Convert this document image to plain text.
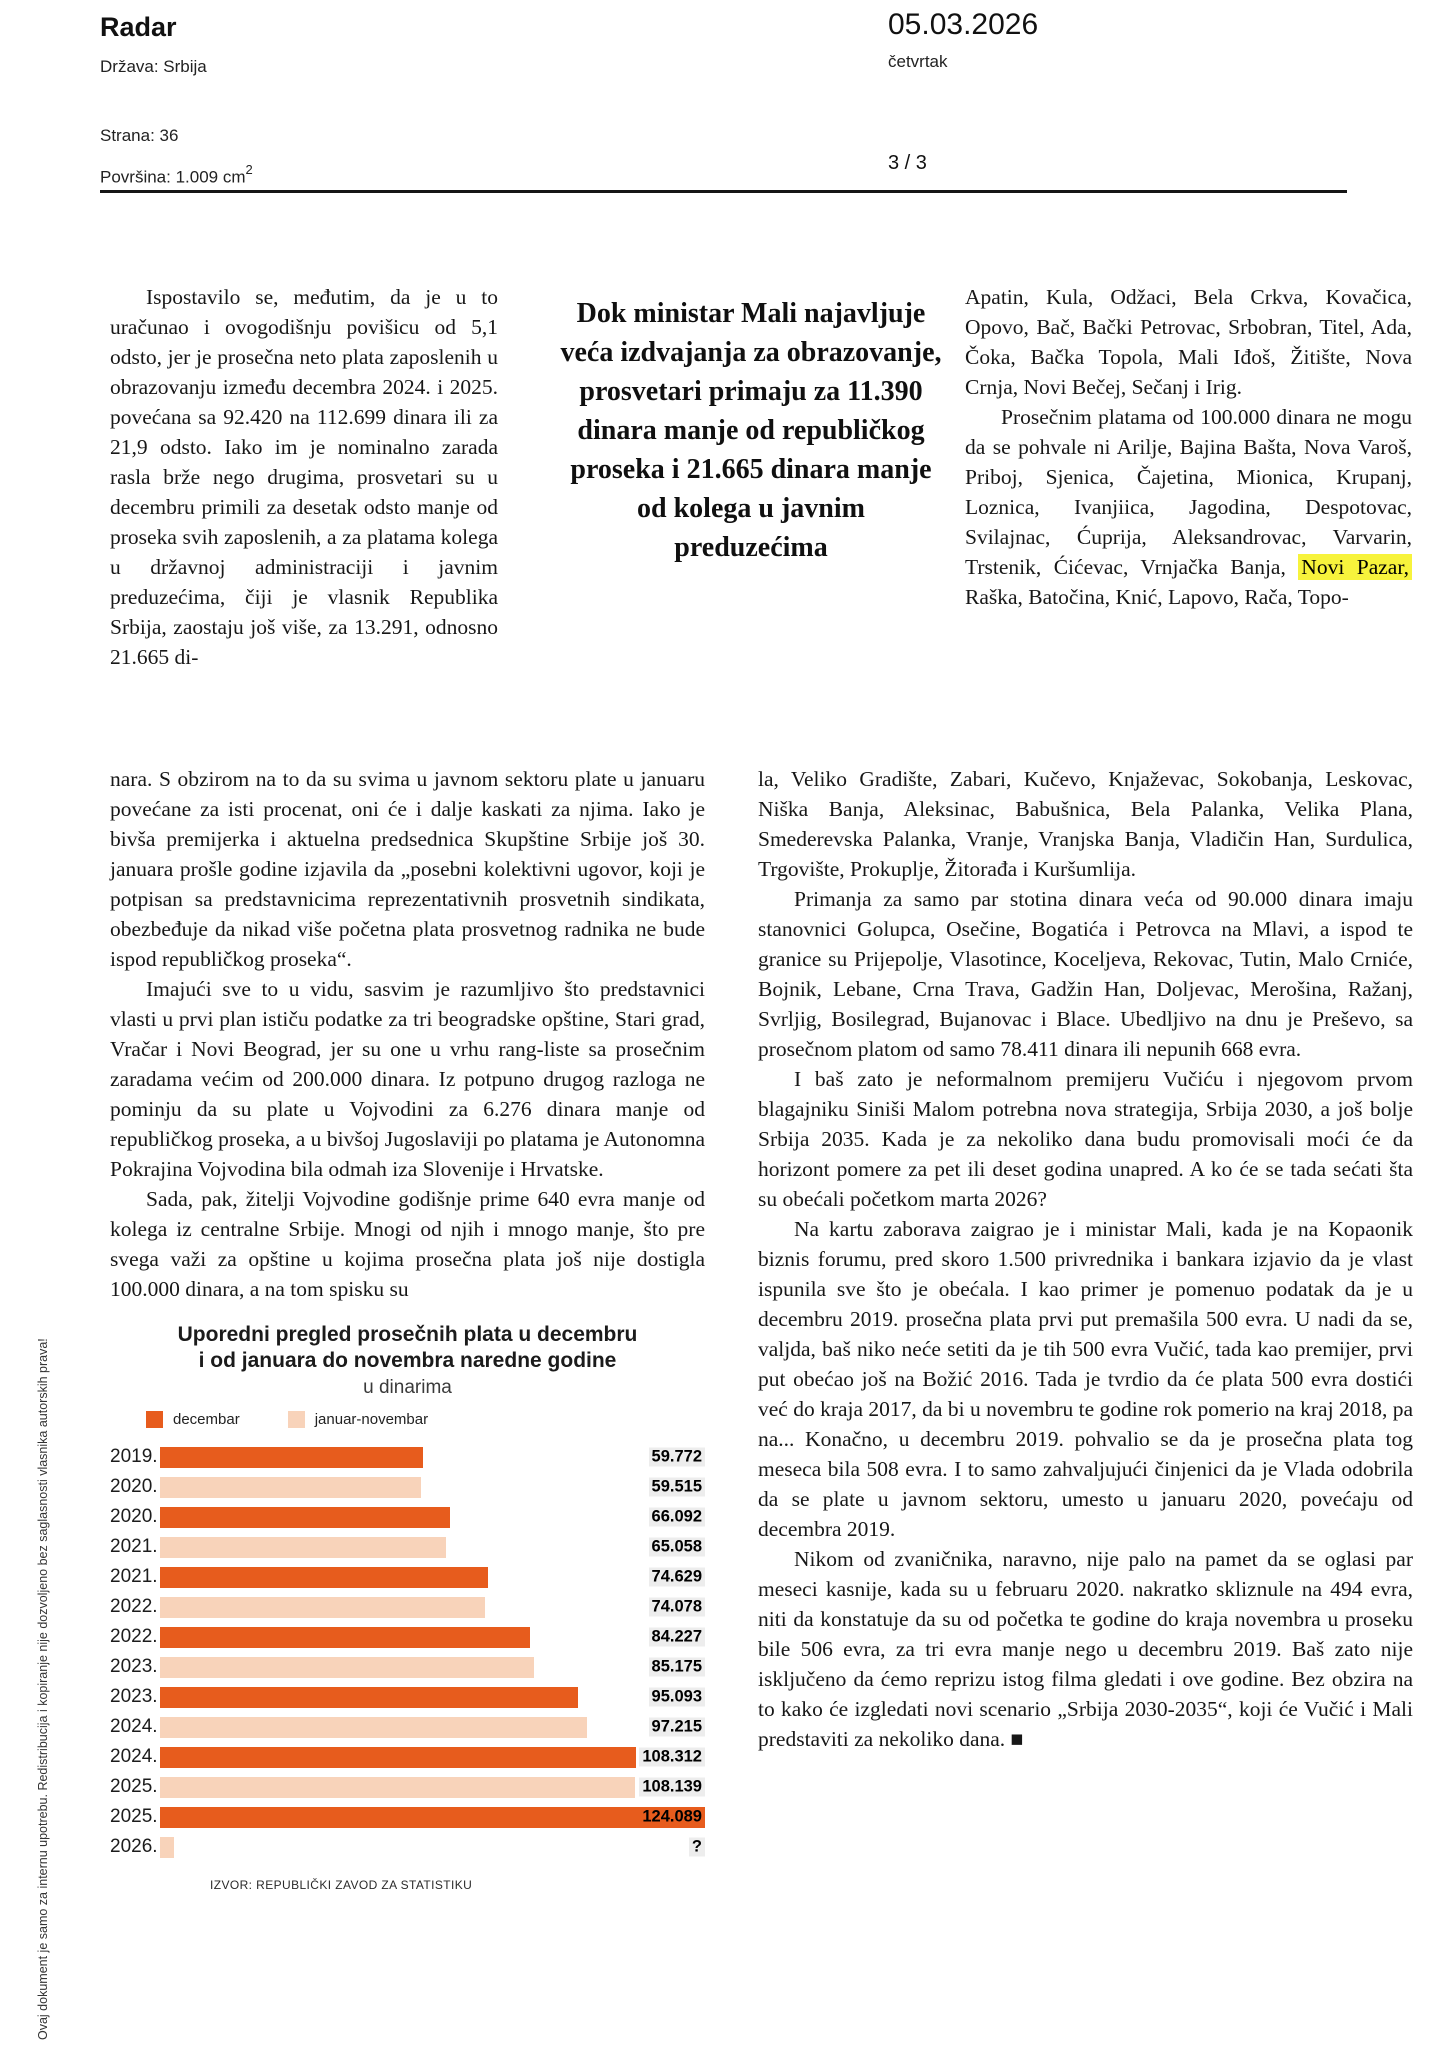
Radar
Država: Srbija
05.03.2026
četvrtak
Strana: 36
Površina: 1.009 $cm^2$	3 / 3

Ispostavilo se, međutim, da je u to uračunao i ovogodišnju povišicu od 5,1 odsto, jer je prosečna neto plata zaposlenih u obrazovanju između decembra 2024. i 2025. povećana sa 92.420 na 112.699 dinara ili za 21,9 odsto. Iako im je nominalno zarada rasla brže nego drugima, prosvetari su u decembru primili za desetak odsto manje od proseka svih zaposlenih, a za platama kolega u državnoj administraciji i javnim preduzećima, čiji je vlasnik Republika Srbija, zaostaju još više, za 13.291, odnosno 21.665 di-

Dok ministar Mali najavljuje veća izdvajanja za obrazovanje, prosvetari primaju za 11.390 dinara manje od republičkog proseka i 21.665 dinara manje od kolega u javnim preduzećima

Apatin, Kula, Odžaci, Bela Crkva, Kovačica, Opovo, Bač, Bački Petrovac, Srbobran, Titel, Ada, Čoka, Bačka Topola, Mali Iđoš, Žitište, Nova Crnja, Novi Bečej, Sečanj i Irig.

Prosečnim platama od 100.000 dinara ne mogu da se pohvale ni Arilje, Bajina Bašta, Nova Varoš, Priboj, Sjenica, Čajetina, Mionica, Krupanj, Loznica, Ivanjiica, Jagodina, Despotovac, Svilajnac, Ćuprija, Aleksandrovac, Varvarin, Trstenik, Ćićevac, Vrnjačka Banja, Novi Pazar, Raška, Batočina, Knić, Lapovo, Rača, Topo-

nara. S obzirom na to da su svima u javnom sektoru plate u januaru povećane za isti procenat, oni će i dalje kaskati za njima. Iako je bivša premijerka i aktuelna predsednica Skupštine Srbije još 30. januara prošle godine izjavila da „posebni kolektivni ugovor, koji je potpisan sa predstavnicima reprezentativnih prosvetnih sindikata, obezbeđuje da nikad više početna plata prosvetnog radnika ne bude ispod republičkog proseka“.

Imajući sve to u vidu, sasvim je razumljivo što predstavnici vlasti u prvi plan ističu podatke za tri beogradske opštine, Stari grad, Vračar i Novi Beograd, jer su one u vrhu rang-liste sa prosečnim zaradama većim od 200.000 dinara. Iz potpuno drugog razloga ne pominju da su plate u Vojvodini za 6.276 dinara manje od republičkog proseka, a u bivšoj Jugoslaviji po platama je Autonomna Pokrajina Vojvodina bila odmah iza Slovenije i Hrvatske.

Sada, pak, žitelji Vojvodine godišnje prime 640 evra manje od kolega iz centralne Srbije. Mnogi od njih i mnogo manje, što pre svega važi za opštine u kojima prosečna plata još nije dostigla 100.000 dinara, a na tom spisku su

la, Veliko Gradište, Zabari, Kučevo, Knjaževac, Sokobanja, Leskovac, Niška Banja, Aleksinac, Babušnica, Bela Palanka, Velika Plana, Smederevska Palanka, Vranje, Vranjska Banja, Vladičin Han, Surdulica, Trgovište, Prokuplje, Žitorađa i Kuršumlija.

Primanja za samo par stotina dinara veća od 90.000 dinara imaju stanovnici Golupca, Osečine, Bogatića i Petrovca na Mlavi, a ispod te granice su Prijepolje, Vlasotince, Koceljeva, Rekovac, Tutin, Malo Crniće, Bojnik, Lebane, Crna Trava, Gadžin Han, Doljevac, Merošina, Ražanj, Svrljig, Bosilegrad, Bujanovac i Blace. Ubedljivo na dnu je Preševo, sa prosečnom platom od samo 78.411 dinara ili nepunih 668 evra.

I baš zato je neformalnom premijeru Vučiću i njegovom prvom blagajniku Siniši Malom potrebna nova strategija, Srbija 2030, a još bolje Srbija 2035. Kada je za nekoliko dana budu promovisali moći će da horizont pomere za pet ili deset godina unapred. A ko će se tada sećati šta su obećali početkom marta 2026?

Na kartu zaborava zaigrao je i ministar Mali, kada je na Kopaonik biznis forumu, pred skoro 1.500 privrednika i bankara izjavio da je vlast ispunila sve što je obećala. I kao primer je pomenuo podatak da je u decembru 2019. prosečna plata prvi put premašila 500 evra. U nadi da se, valjda, baš niko neće setiti da je tih 500 evra Vučić, tada kao premijer, prvi put obećao još na Božić 2016. Tada je tvrdio da će plata 500 evra dostići već do kraja 2017, da bi u novembru te godine rok pomerio na kraj 2018, pa na... Konačno, u decembru 2019. pohvalio se da je prosečna plata tog meseca bila 508 evra. I to samo zahvaljujući činjenici da je Vlada odobrila da se plate u javnom sektoru, umesto u januaru 2020, povećaju od decembra 2019.

Nikom od zvaničnika, naravno, nije palo na pamet da se oglasi par meseci kasnije, kada su u februaru 2020. nakratko skliznule na 494 evra, niti da konstatuje da su od početka te godine do kraja novembra u proseku bile 506 evra, za tri evra manje nego u decembru 2019. Baš zato nije isključeno da ćemo reprizu istog filma gledati i ove godine. Bez obzira na to kako će izgledati novi scenario „Srbija 2030-2035“, koji će Vučić i Mali predstaviti za nekoliko dana. ■

Uporedni pregled prosečnih plata u decembru
i od januara do novembra naredne godine
u dinarima
decembar	januar-novembar
2019.	59.772
2020.	59.515
2020.	66.092
2021.	65.058
2021.	74.629
2022.	74.078
2022.	84.227
2023.	85.175
2023.	95.093
2024.	97.215
2024.	108.312
2025.	108.139
2025.	124.089
2026.	?
IZVOR: REPUBLIČKI ZAVOD ZA STATISTIKU
Ovaj dokument je samo za internu upotrebu. Redistribucija i kopiranje nije dozvoljeno bez saglasnosti vlasnika autorskih prava!
